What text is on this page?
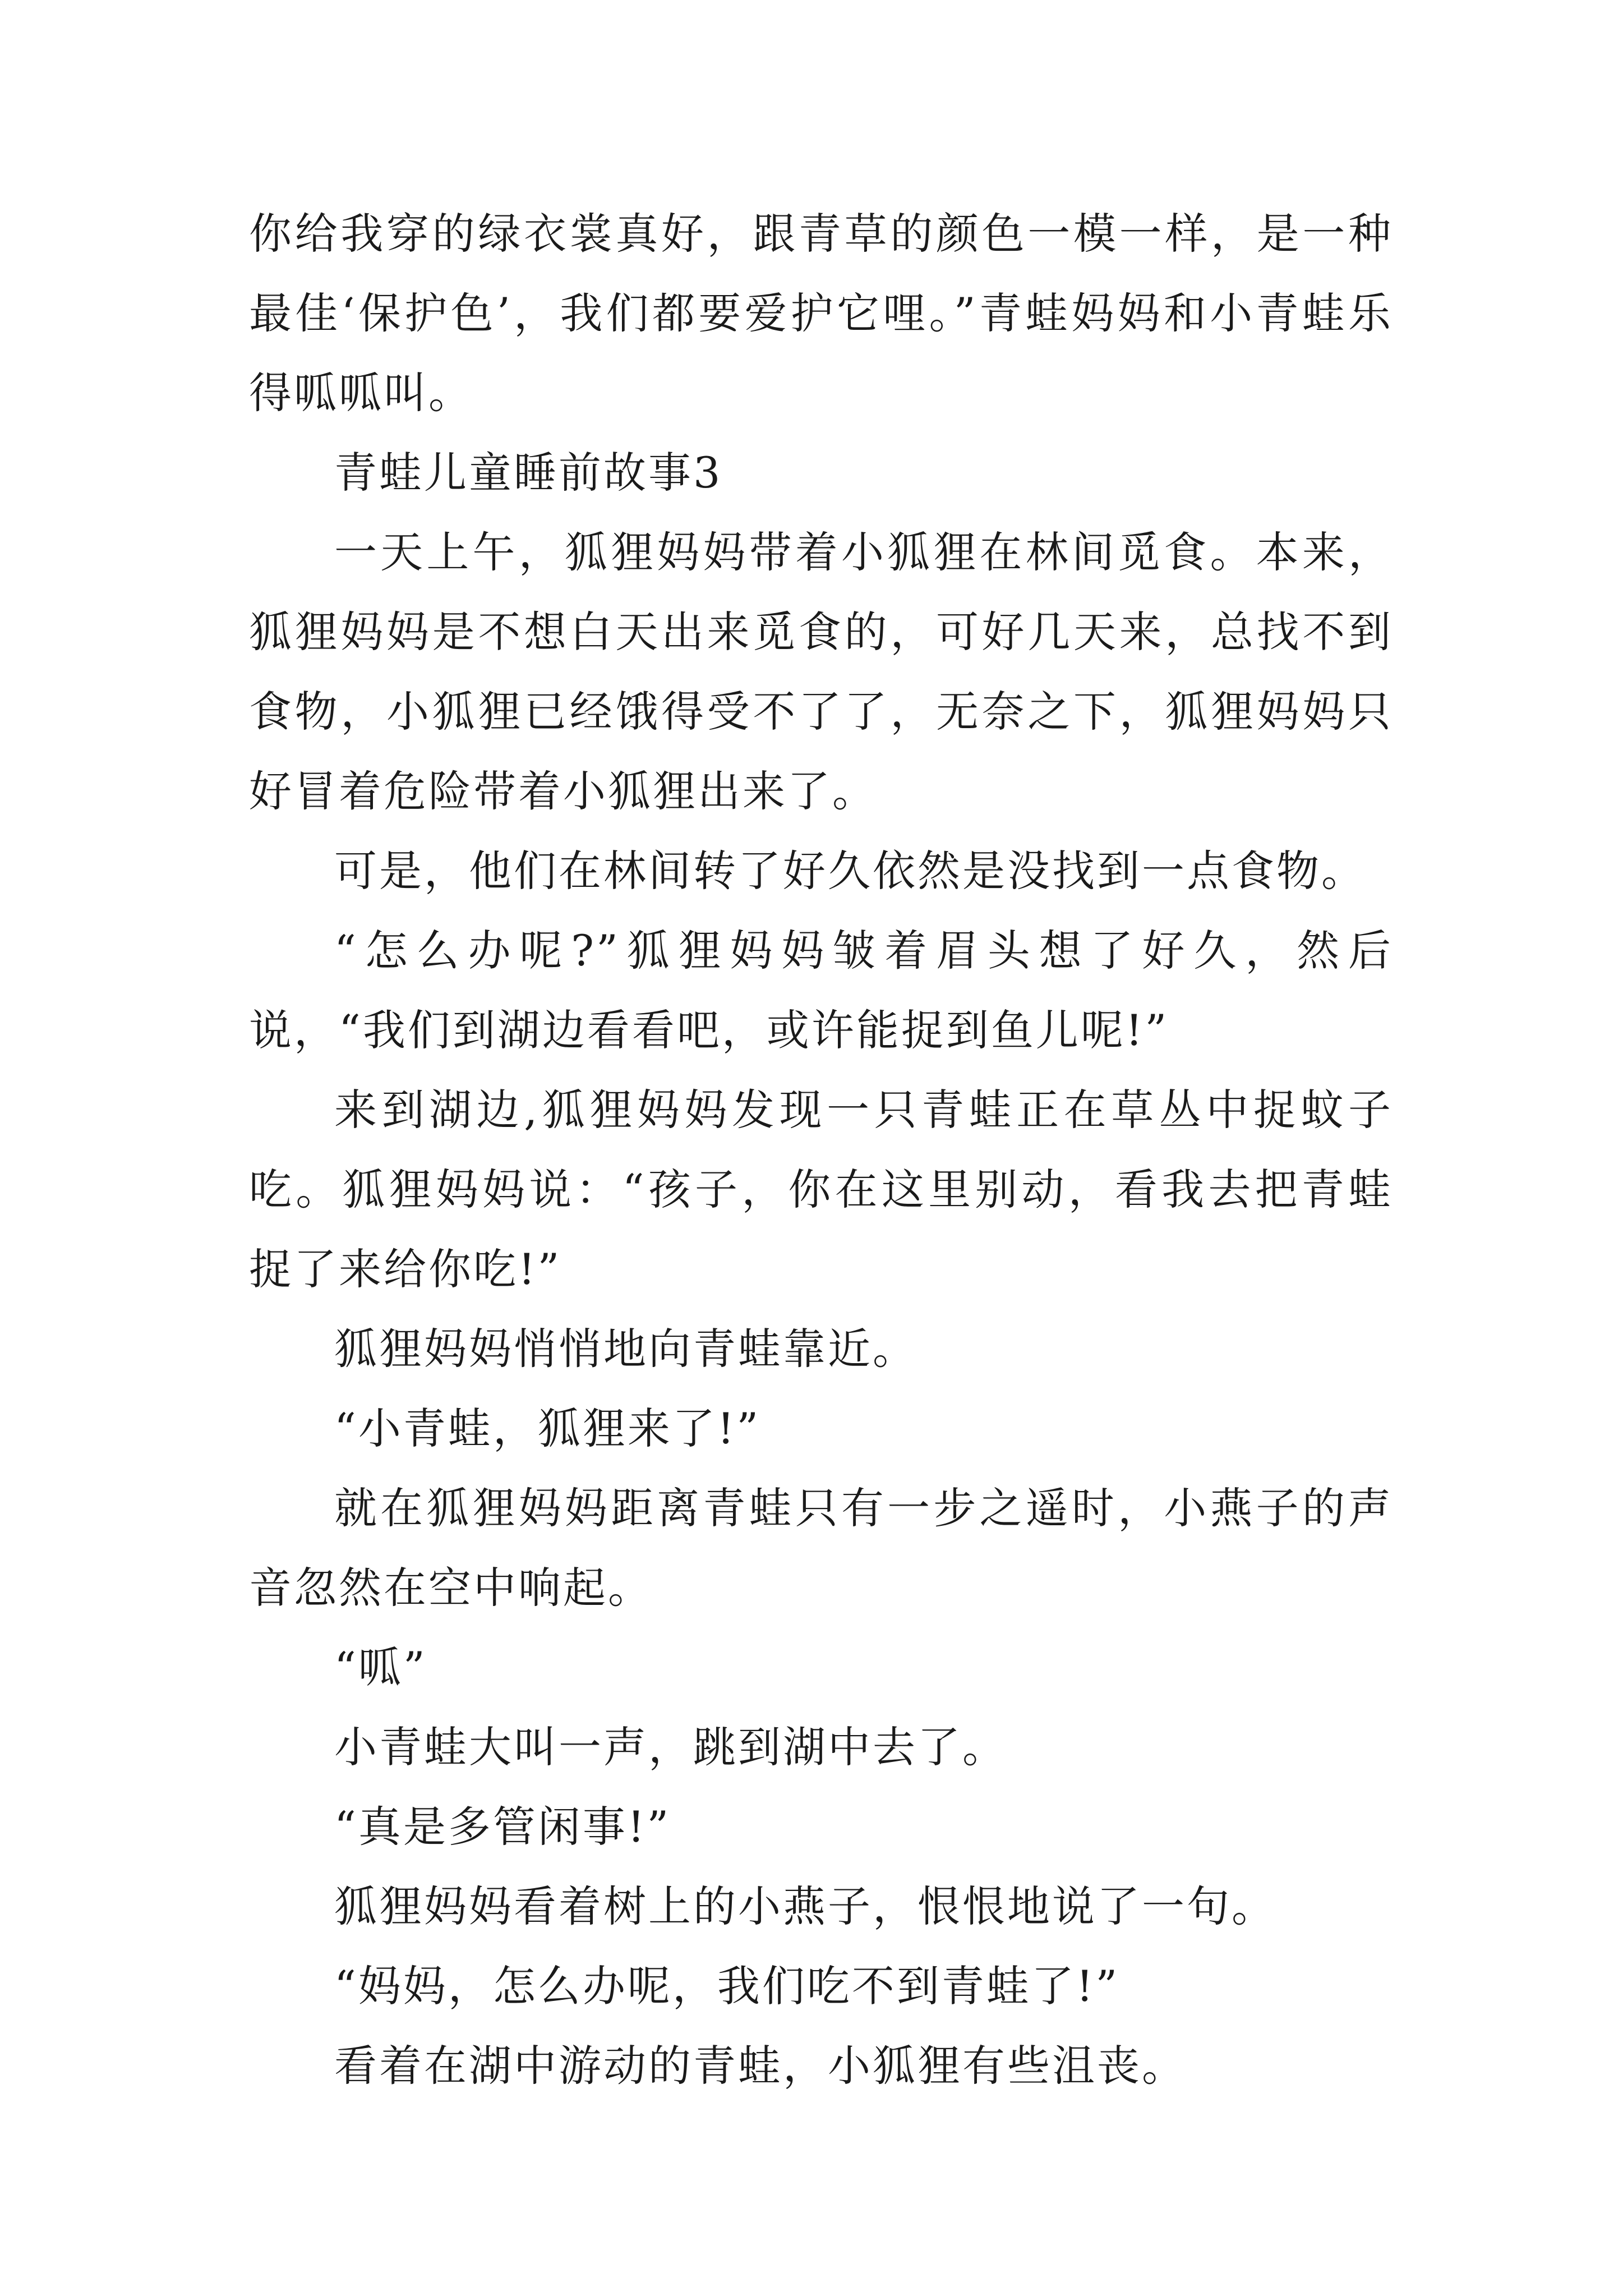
你给我穿的绿衣裳真好，跟青草的颜色一模一样，是一种最佳‘保护色’，我们都要爱护它哩。”青蛙妈妈和小青蛙乐得呱呱叫。

青蛙儿童睡前故事3

一天上午，狐狸妈妈带着小狐狸在林间觅食。本来，狐狸妈妈是不想白天出来觅食的，可好几天来，总找不到食物，小狐狸已经饿得受不了了，无奈之下，狐狸妈妈只好冒着危险带着小狐狸出来了。

可是，他们在林间转了好久依然是没找到一点食物。

“怎么办呢?”狐狸妈妈皱着眉头想了好久，然后说，“我们到湖边看看吧，或许能捉到鱼儿呢!”

来到湖边,狐狸妈妈发现一只青蛙正在草丛中捉蚊子吃。狐狸妈妈说：“孩子，你在这里别动，看我去把青蛙捉了来给你吃!”

狐狸妈妈悄悄地向青蛙靠近。

“小青蛙，狐狸来了!”

就在狐狸妈妈距离青蛙只有一步之遥时，小燕子的声音忽然在空中响起。

“呱”

小青蛙大叫一声，跳到湖中去了。

“真是多管闲事!”

狐狸妈妈看着树上的小燕子，恨恨地说了一句。

“妈妈，怎么办呢，我们吃不到青蛙了!”

看着在湖中游动的青蛙，小狐狸有些沮丧。
